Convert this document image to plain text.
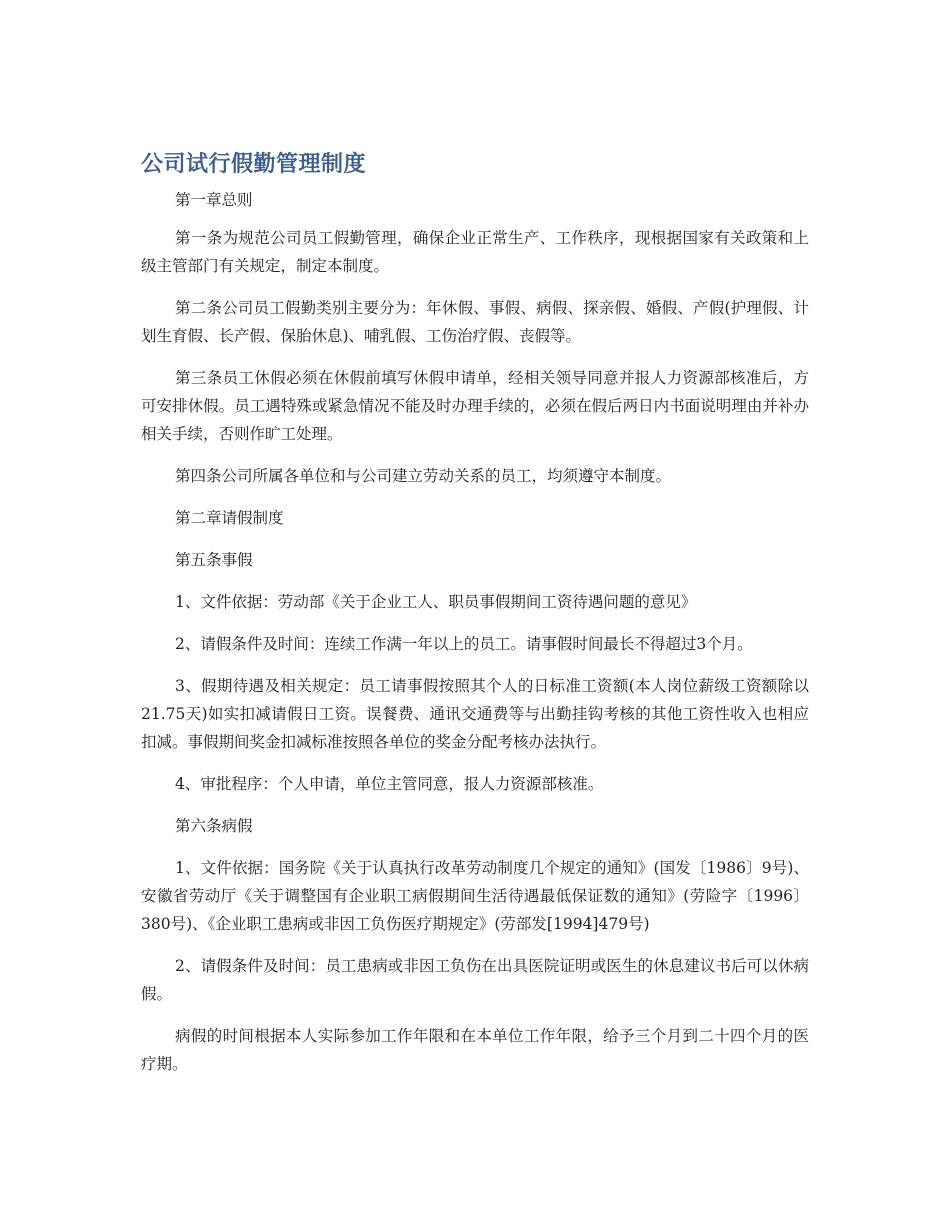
公司试行假勤管理制度

第一章总则

第一条为规范公司员工假勤管理，确保企业正常生产、工作秩序，现根据国家有关政策和上级主管部门有关规定，制定本制度。

第二条公司员工假勤类别主要分为：年休假、事假、病假、探亲假、婚假、产假(护理假、计划生育假、长产假、保胎休息)、哺乳假、工伤治疗假、丧假等。

第三条员工休假必须在休假前填写休假申请单，经相关领导同意并报人力资源部核准后，方可安排休假。员工遇特殊或紧急情况不能及时办理手续的，必须在假后两日内书面说明理由并补办相关手续，否则作旷工处理。

第四条公司所属各单位和与公司建立劳动关系的员工，均须遵守本制度。

第二章请假制度

第五条事假

1、文件依据：劳动部《关于企业工人、职员事假期间工资待遇问题的意见》

2、请假条件及时间：连续工作满一年以上的员工。请事假时间最长不得超过3个月。

3、假期待遇及相关规定：员工请事假按照其个人的日标准工资额(本人岗位薪级工资额除以21.75天)如实扣减请假日工资。误餐费、通讯交通费等与出勤挂钩考核的其他工资性收入也相应扣减。事假期间奖金扣减标准按照各单位的奖金分配考核办法执行。

4、审批程序：个人申请，单位主管同意，报人力资源部核准。

第六条病假

1、文件依据：国务院《关于认真执行改革劳动制度几个规定的通知》(国发〔1986〕9号)、安徽省劳动厅《关于调整国有企业职工病假期间生活待遇最低保证数的通知》(劳险字〔1996〕380号)、《企业职工患病或非因工负伤医疗期规定》(劳部发[1994]479号)

2、请假条件及时间：员工患病或非因工负伤在出具医院证明或医生的休息建议书后可以休病假。

病假的时间根据本人实际参加工作年限和在本单位工作年限，给予三个月到二十四个月的医疗期。
